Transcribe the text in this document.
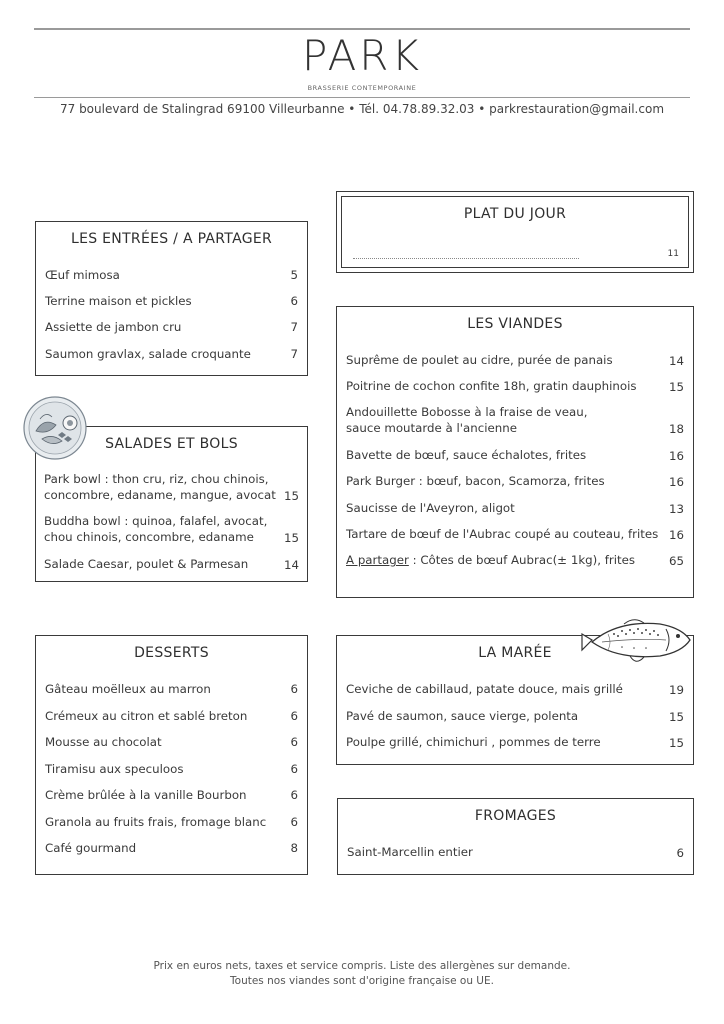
PARK
BRASSERIE CONTEMPORAINE
77 boulevard de Stalingrad 69100 Villeurbanne • Tél. 04.78.89.32.03 • parkrestauration@gmail.com
PLAT DU JOUR
11
LES ENTRÉES / A PARTAGER
Œuf mimosa	5
Terrine maison et pickles	6
Assiette de jambon cru	7
Saumon gravlax, salade croquante	7
SALADES ET BOLS
Park bowl : thon cru, riz, chou chinois,
concombre, edaname, mangue, avocat 15
Buddha bowl : quinoa, falafel, avocat,
chou chinois, concombre, edaname	15
Salade Caesar, poulet & Parmesan	14
LES VIANDES
Suprême de poulet au cidre, purée de panais	14
Poitrine de cochon confite 18h, gratin dauphinois	15
Andouillette Bobosse à la fraise de veau,
sauce moutarde à l'ancienne	18
Bavette de bœuf, sauce échalotes, frites	16
Park Burger : bœuf, bacon, Scamorza, frites	16
Saucisse de l'Aveyron, aligot	13
Tartare de bœuf de l'Aubrac coupé au couteau, frites 16
A partager : Côtes de bœuf Aubrac(± 1kg), frites	65
DESSERTS
Gâteau moëlleux au marron	6
Crémeux au citron et sablé breton	6
Mousse au chocolat	6
Tiramisu aux speculoos	6
Crème brûlée à la vanille Bourbon	6
Granola au fruits frais, fromage blanc	6
Café gourmand	8
LA MARÉE
Ceviche de cabillaud, patate douce, mais grillé	19
Pavé de saumon, sauce vierge, polenta	15
Poulpe grillé, chimichuri , pommes de terre	15
FROMAGES
Saint-Marcellin entier	6
Prix en euros nets, taxes et service compris. Liste des allergènes sur demande.
Toutes nos viandes sont d'origine française ou UE.
